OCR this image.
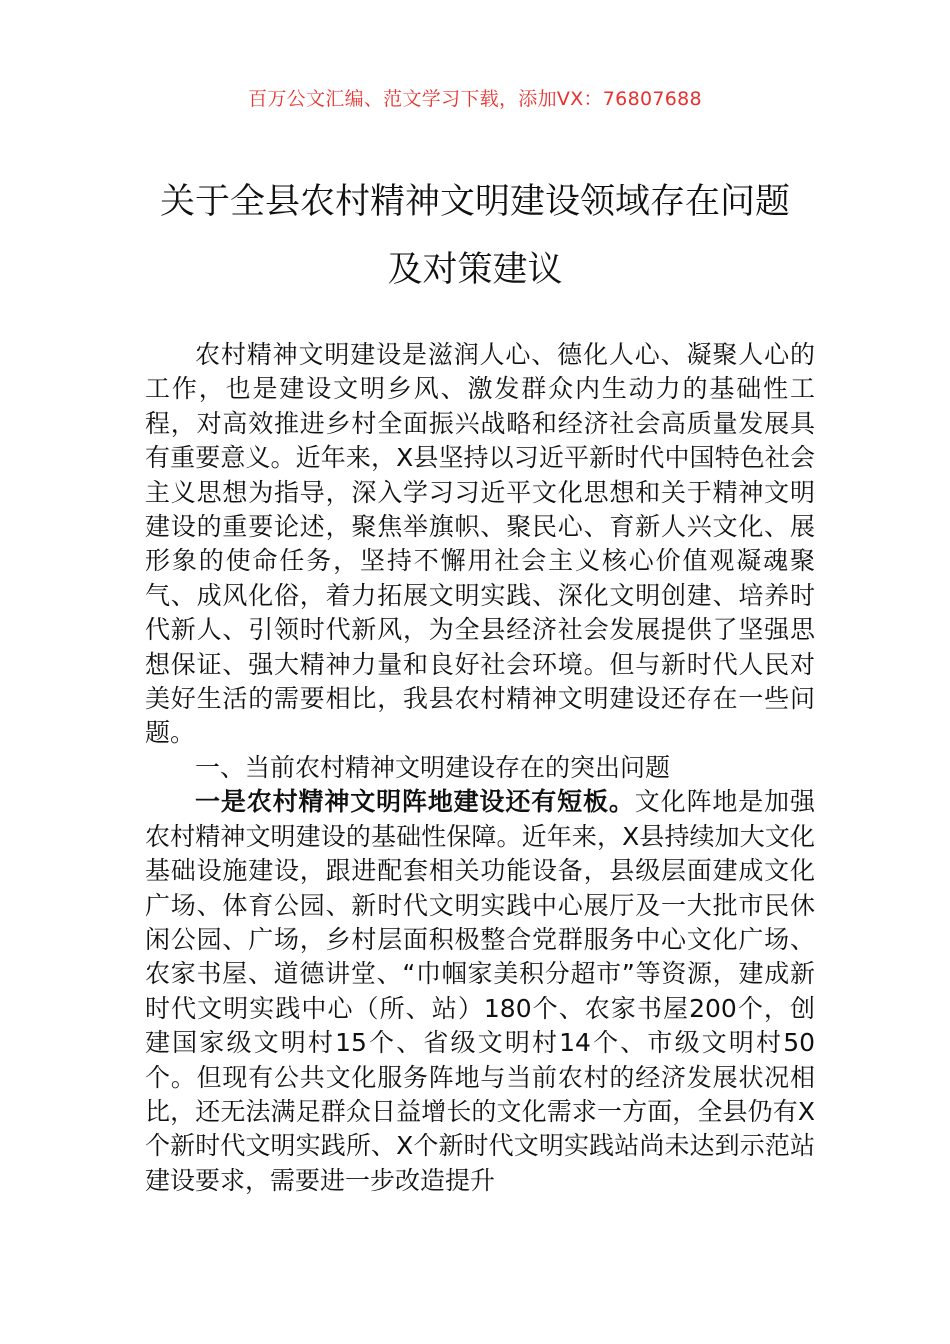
百万公文汇编、范文学习下载，添加VX：76807688
关于全县农村精神文明建设领域存在问题
及对策建议

农村精神文明建设是滋润人心、德化人心、凝聚人心的工作，也是建设文明乡风、激发群众内生动力的基础性工程，对高效推进乡村全面振兴战略和经济社会高质量发展具有重要意义。近年来，X县坚持以习近平新时代中国特色社会主义思想为指导，深入学习习近平文化思想和关于精神文明建设的重要论述，聚焦举旗帜、聚民心、育新人兴文化、展形象的使命任务，坚持不懈用社会主义核心价值观凝魂聚气、成风化俗，着力拓展文明实践、深化文明创建、培养时代新人、引领时代新风，为全县经济社会发展提供了坚强思想保证、强大精神力量和良好社会环境。但与新时代人民对美好生活的需要相比，我县农村精神文明建设还存在一些问题。

一、当前农村精神文明建设存在的突出问题

一是农村精神文明阵地建设还有短板。文化阵地是加强农村精神文明建设的基础性保障。近年来，X县持续加大文化基础设施建设，跟进配套相关功能设备，县级层面建成文化广场、体育公园、新时代文明实践中心展厅及一大批市民休闲公园、广场，乡村层面积极整合党群服务中心文化广场、农家书屋、道德讲堂、“巾帼家美积分超市”等资源，建成新时代文明实践中心（所、站）180个、农家书屋200个，创建国家级文明村15个、省级文明村14个、市级文明村50个。但现有公共文化服务阵地与当前农村的经济发展状况相比，还无法满足群众日益增长的文化需求一方面，全县仍有X个新时代文明实践所、X个新时代文明实践站尚未达到示范站建设要求，需要进一步改造提升
